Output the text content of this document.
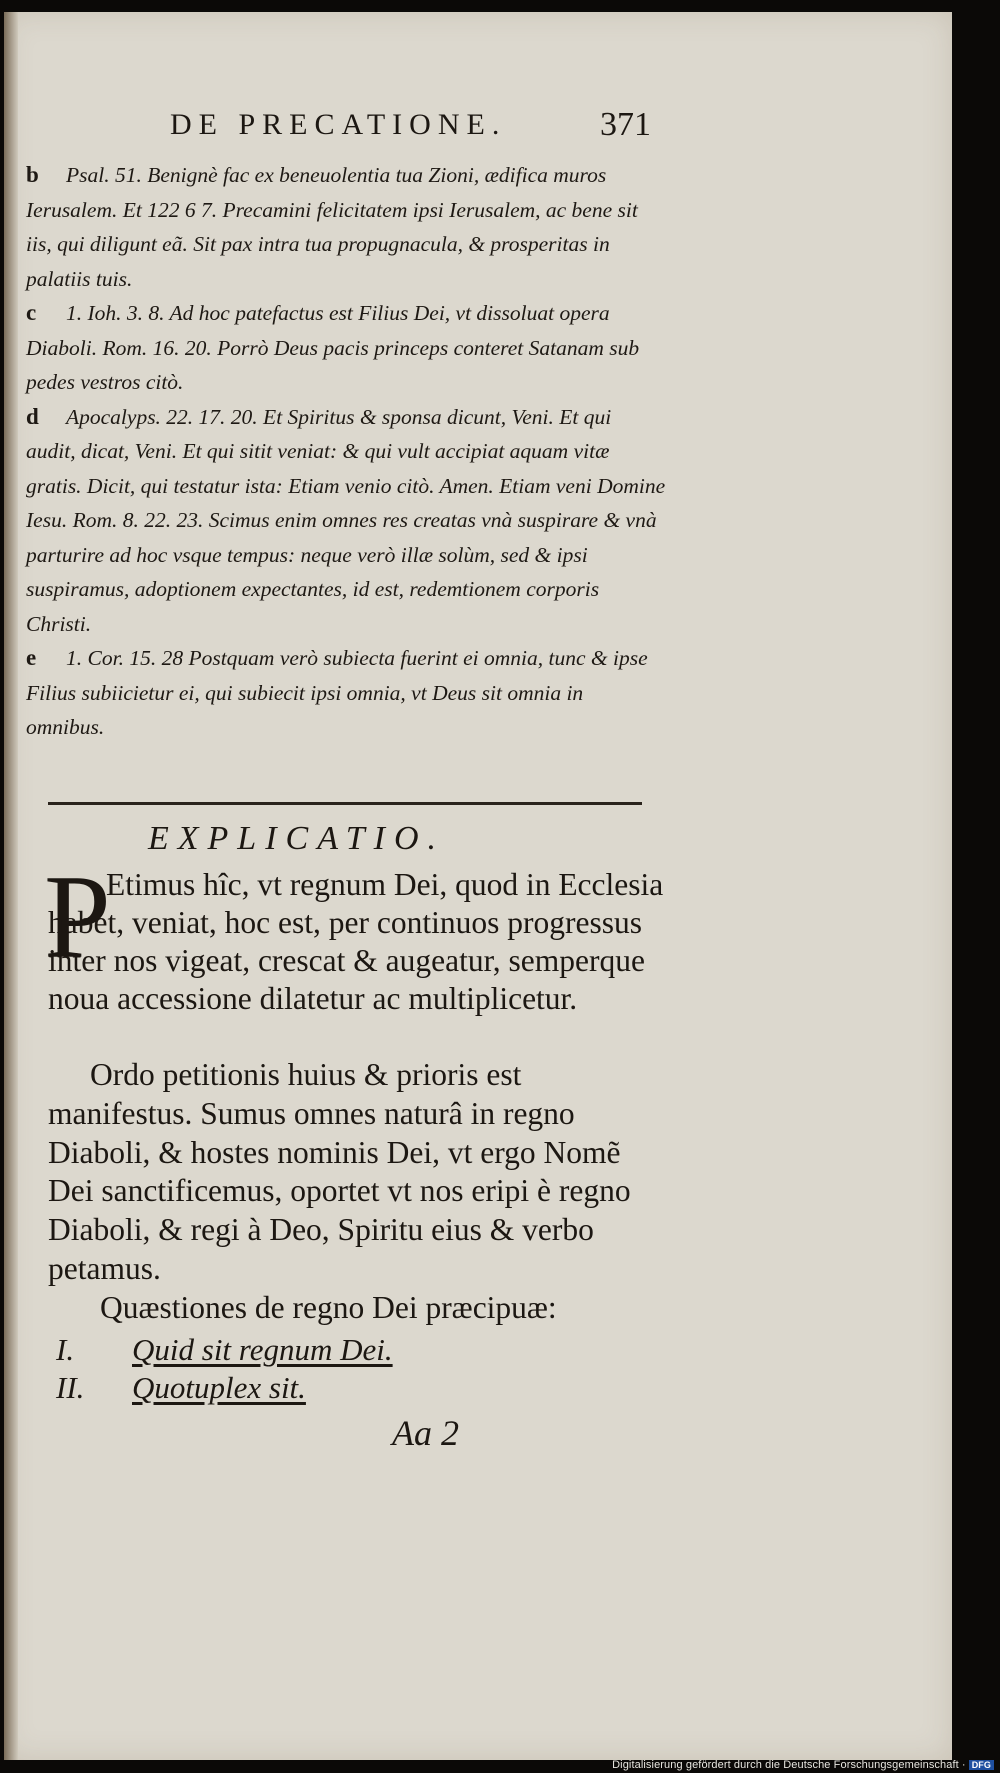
DE PRECATIONE.	371

b Psal. 51. Benignè fac ex beneuolentia tua Zioni, ædifica muros Ierusalem. Et 122 6 7. Precamini felicitatem ipsi Ierusalem, ac bene sit iis, qui diligunt eã. Sit pax intra tua propugnacula, & prosperitas in palatiis tuis.

c 1. Ioh. 3. 8. Ad hoc patefactus est Filius Dei, vt dissoluat opera Diaboli. Rom. 16. 20. Porrò Deus pacis princeps conteret Satanam sub pedes vestros citò.

d Apocalyps. 22. 17. 20. Et Spiritus & sponsa dicunt, Veni. Et qui audit, dicat, Veni. Et qui sitit veniat: & qui vult accipiat aquam vitæ gratis. Dicit, qui testatur ista: Etiam venio citò. Amen. Etiam veni Domine Iesu. Rom. 8. 22. 23. Scimus enim omnes res creatas vnà suspirare & vnà parturire ad hoc vsque tempus: neque verò illæ solùm, sed & ipsi suspiramus, adoptionem expectantes, id est, redemtionem corporis Christi.

e 1. Cor. 15. 28 Postquam verò subiecta fuerint ei omnia, tunc & ipse Filius subiicietur ei, qui subiecit ipsi omnia, vt Deus sit omnia in omnibus.

EXPLICATIO.
P

Etimus hîc, vt regnum Dei, quod in Ecclesia habet, veniat, hoc est, per continuos progressus inter nos vigeat, crescat & augeatur, semperque noua accessione dilatetur ac multiplicetur.

Ordo petitionis huius & prioris est manifestus. Sumus omnes naturâ in regno Diaboli, & hostes nominis Dei, vt ergo Nomẽ Dei sanctificemus, oportet vt nos eripi è regno Diaboli, & regi à Deo, Spiritu eius & verbo petamus.

Quæstiones de regno Dei præcipuæ:
I. Quid sit regnum Dei.
II. Quotuplex sit.
Aa 2
Digitalisierung gefördert durch die Deutsche Forschungsgemeinschaft · DFG
